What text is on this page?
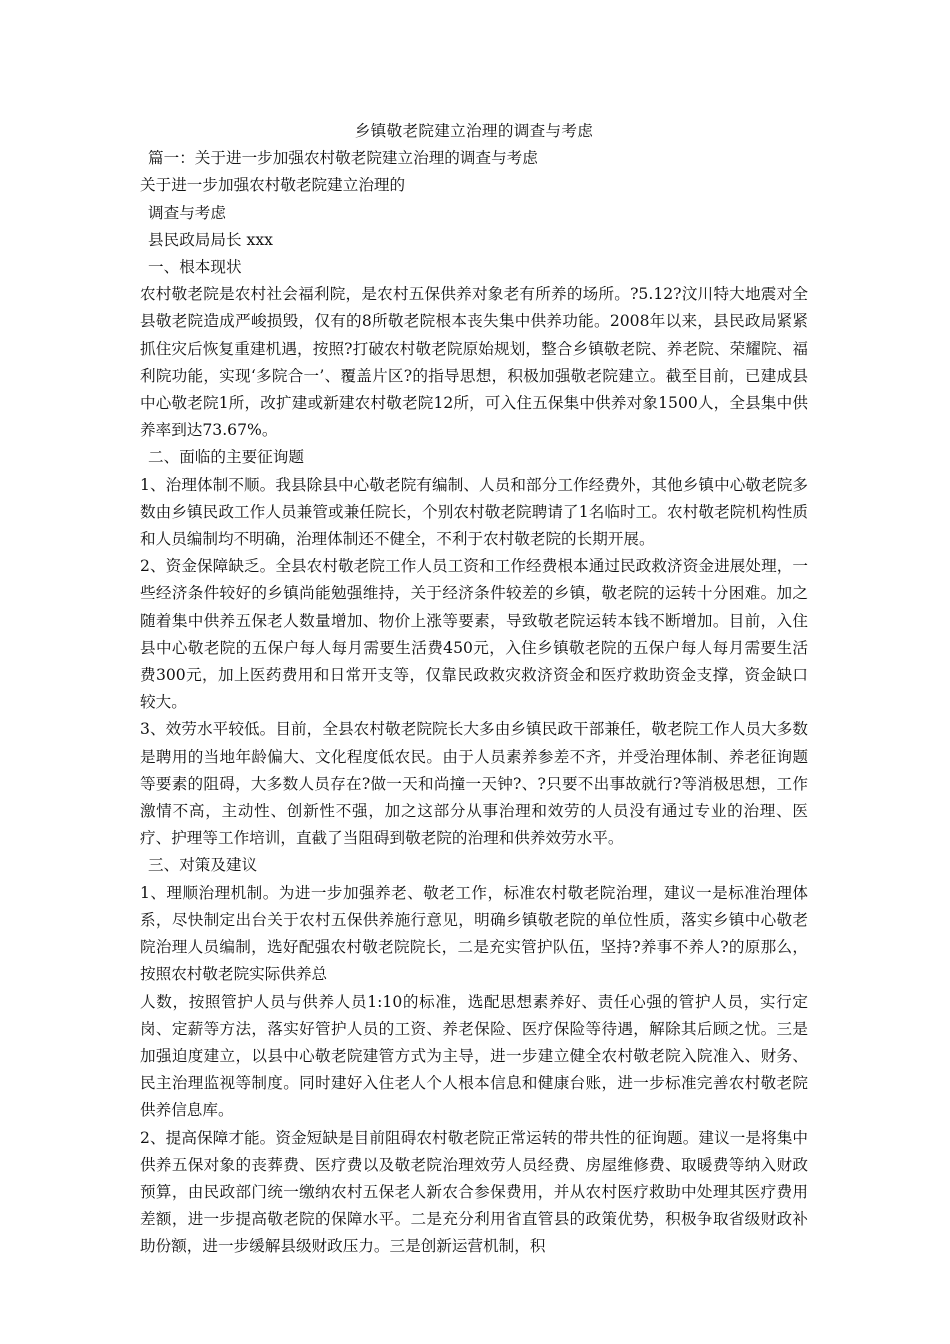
乡镇敬老院建立治理的调查与考虑

篇一：关于进一步加强农村敬老院建立治理的调查与考虑

关于进一步加强农村敬老院建立治理的

调查与考虑

县民政局局长 xxx

一、根本现状

农村敬老院是农村社会福利院，是农村五保供养对象老有所养的场所。?5.12?汶川特大地震对全县敬老院造成严峻损毁，仅有的8所敬老院根本丧失集中供养功能。2008年以来，县民政局紧紧抓住灾后恢复重建机遇，按照?打破农村敬老院原始规划，整合乡镇敬老院、养老院、荣耀院、福利院功能，实现‘多院合一’、覆盖片区?的指导思想，积极加强敬老院建立。截至目前，已建成县中心敬老院1所，改扩建或新建农村敬老院12所，可入住五保集中供养对象1500人，全县集中供养率到达73.67%。

二、面临的主要征询题

1、治理体制不顺。我县除县中心敬老院有编制、人员和部分工作经费外，其他乡镇中心敬老院多数由乡镇民政工作人员兼管或兼任院长，个别农村敬老院聘请了1名临时工。农村敬老院机构性质和人员编制均不明确，治理体制还不健全，不利于农村敬老院的长期开展。

2、资金保障缺乏。全县农村敬老院工作人员工资和工作经费根本通过民政救济资金进展处理，一些经济条件较好的乡镇尚能勉强维持，关于经济条件较差的乡镇，敬老院的运转十分困难。加之随着集中供养五保老人数量增加、物价上涨等要素，导致敬老院运转本钱不断增加。目前，入住县中心敬老院的五保户每人每月需要生活费450元，入住乡镇敬老院的五保户每人每月需要生活费300元，加上医药费用和日常开支等，仅靠民政救灾救济资金和医疗救助资金支撑，资金缺口较大。

3、效劳水平较低。目前，全县农村敬老院院长大多由乡镇民政干部兼任，敬老院工作人员大多数是聘用的当地年龄偏大、文化程度低农民。由于人员素养参差不齐，并受治理体制、养老征询题等要素的阻碍，大多数人员存在?做一天和尚撞一天钟?、?只要不出事故就行?等消极思想，工作激情不高，主动性、创新性不强，加之这部分从事治理和效劳的人员没有通过专业的治理、医疗、护理等工作培训，直截了当阻碍到敬老院的治理和供养效劳水平。

三、对策及建议

1、理顺治理机制。为进一步加强养老、敬老工作，标准农村敬老院治理，建议一是标准治理体系，尽快制定出台关于农村五保供养施行意见，明确乡镇敬老院的单位性质，落实乡镇中心敬老院治理人员编制，选好配强农村敬老院院长，二是充实管护队伍，坚持?养事不养人?的原那么，按照农村敬老院实际供养总

人数，按照管护人员与供养人员1:10的标准，选配思想素养好、责任心强的管护人员，实行定岗、定薪等方法，落实好管护人员的工资、养老保险、医疗保险等待遇，解除其后顾之忧。三是加强迫度建立，以县中心敬老院建管方式为主导，进一步建立健全农村敬老院入院准入、财务、民主治理监视等制度。同时建好入住老人个人根本信息和健康台账，进一步标准完善农村敬老院供养信息库。

2、提高保障才能。资金短缺是目前阻碍农村敬老院正常运转的带共性的征询题。建议一是将集中供养五保对象的丧葬费、医疗费以及敬老院治理效劳人员经费、房屋维修费、取暖费等纳入财政预算，由民政部门统一缴纳农村五保老人新农合参保费用，并从农村医疗救助中处理其医疗费用差额，进一步提高敬老院的保障水平。二是充分利用省直管县的政策优势，积极争取省级财政补助份额，进一步缓解县级财政压力。三是创新运营机制，积
